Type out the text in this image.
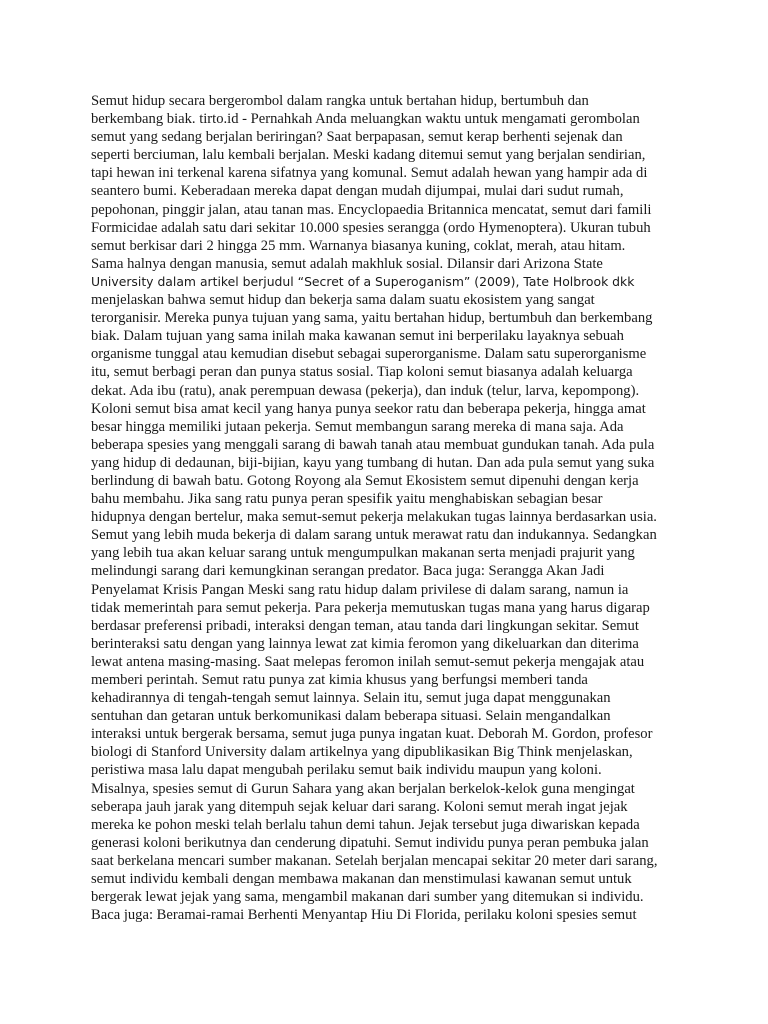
Semut hidup secara bergerombol dalam rangka untuk bertahan hidup, bertumbuh dan
berkembang biak. tirto.id - Pernahkah Anda meluangkan waktu untuk mengamati gerombolan
semut yang sedang berjalan beriringan? Saat berpapasan, semut kerap berhenti sejenak dan
seperti berciuman, lalu kembali berjalan. Meski kadang ditemui semut yang berjalan sendirian,
tapi hewan ini terkenal karena sifatnya yang komunal. Semut adalah hewan yang hampir ada di
seantero bumi. Keberadaan mereka dapat dengan mudah dijumpai, mulai dari sudut rumah,
pepohonan, pinggir jalan, atau tanan mas. Encyclopaedia Britannica mencatat, semut dari famili
Formicidae adalah satu dari sekitar 10.000 spesies serangga (ordo Hymenoptera). Ukuran tubuh
semut berkisar dari 2 hingga 25 mm. Warnanya biasanya kuning, coklat, merah, atau hitam.
Sama halnya dengan manusia, semut adalah makhluk sosial. Dilansir dari Arizona State
University dalam artikel berjudul “Secret of a Superoganism” (2009), Tate Holbrook dkk
menjelaskan bahwa semut hidup dan bekerja sama dalam suatu ekosistem yang sangat
terorganisir. Mereka punya tujuan yang sama, yaitu bertahan hidup, bertumbuh dan berkembang
biak. Dalam tujuan yang sama inilah maka kawanan semut ini berperilaku layaknya sebuah
organisme tunggal atau kemudian disebut sebagai superorganisme. Dalam satu superorganisme
itu, semut berbagi peran dan punya status sosial. Tiap koloni semut biasanya adalah keluarga
dekat. Ada ibu (ratu), anak perempuan dewasa (pekerja), dan induk (telur, larva, kepompong).
Koloni semut bisa amat kecil yang hanya punya seekor ratu dan beberapa pekerja, hingga amat
besar hingga memiliki jutaan pekerja. Semut membangun sarang mereka di mana saja. Ada
beberapa spesies yang menggali sarang di bawah tanah atau membuat gundukan tanah. Ada pula
yang hidup di dedaunan, biji-bijian, kayu yang tumbang di hutan. Dan ada pula semut yang suka
berlindung di bawah batu. Gotong Royong ala Semut Ekosistem semut dipenuhi dengan kerja
bahu membahu. Jika sang ratu punya peran spesifik yaitu menghabiskan sebagian besar
hidupnya dengan bertelur, maka semut-semut pekerja melakukan tugas lainnya berdasarkan usia.
Semut yang lebih muda bekerja di dalam sarang untuk merawat ratu dan indukannya. Sedangkan
yang lebih tua akan keluar sarang untuk mengumpulkan makanan serta menjadi prajurit yang
melindungi sarang dari kemungkinan serangan predator. Baca juga: Serangga Akan Jadi
Penyelamat Krisis Pangan Meski sang ratu hidup dalam privilese di dalam sarang, namun ia
tidak memerintah para semut pekerja. Para pekerja memutuskan tugas mana yang harus digarap
berdasar preferensi pribadi, interaksi dengan teman, atau tanda dari lingkungan sekitar. Semut
berinteraksi satu dengan yang lainnya lewat zat kimia feromon yang dikeluarkan dan diterima
lewat antena masing-masing. Saat melepas feromon inilah semut-semut pekerja mengajak atau
memberi perintah. Semut ratu punya zat kimia khusus yang berfungsi memberi tanda
kehadirannya di tengah-tengah semut lainnya. Selain itu, semut juga dapat menggunakan
sentuhan dan getaran untuk berkomunikasi dalam beberapa situasi. Selain mengandalkan
interaksi untuk bergerak bersama, semut juga punya ingatan kuat. Deborah M. Gordon, profesor
biologi di Stanford University dalam artikelnya yang dipublikasikan Big Think menjelaskan,
peristiwa masa lalu dapat mengubah perilaku semut baik individu maupun yang koloni.
Misalnya, spesies semut di Gurun Sahara yang akan berjalan berkelok-kelok guna mengingat
seberapa jauh jarak yang ditempuh sejak keluar dari sarang. Koloni semut merah ingat jejak
mereka ke pohon meski telah berlalu tahun demi tahun. Jejak tersebut juga diwariskan kepada
generasi koloni berikutnya dan cenderung dipatuhi. Semut individu punya peran pembuka jalan
saat berkelana mencari sumber makanan. Setelah berjalan mencapai sekitar 20 meter dari sarang,
semut individu kembali dengan membawa makanan dan menstimulasi kawanan semut untuk
bergerak lewat jejak yang sama, mengambil makanan dari sumber yang ditemukan si individu.
Baca juga: Beramai-ramai Berhenti Menyantap Hiu Di Florida, perilaku koloni spesies semut
